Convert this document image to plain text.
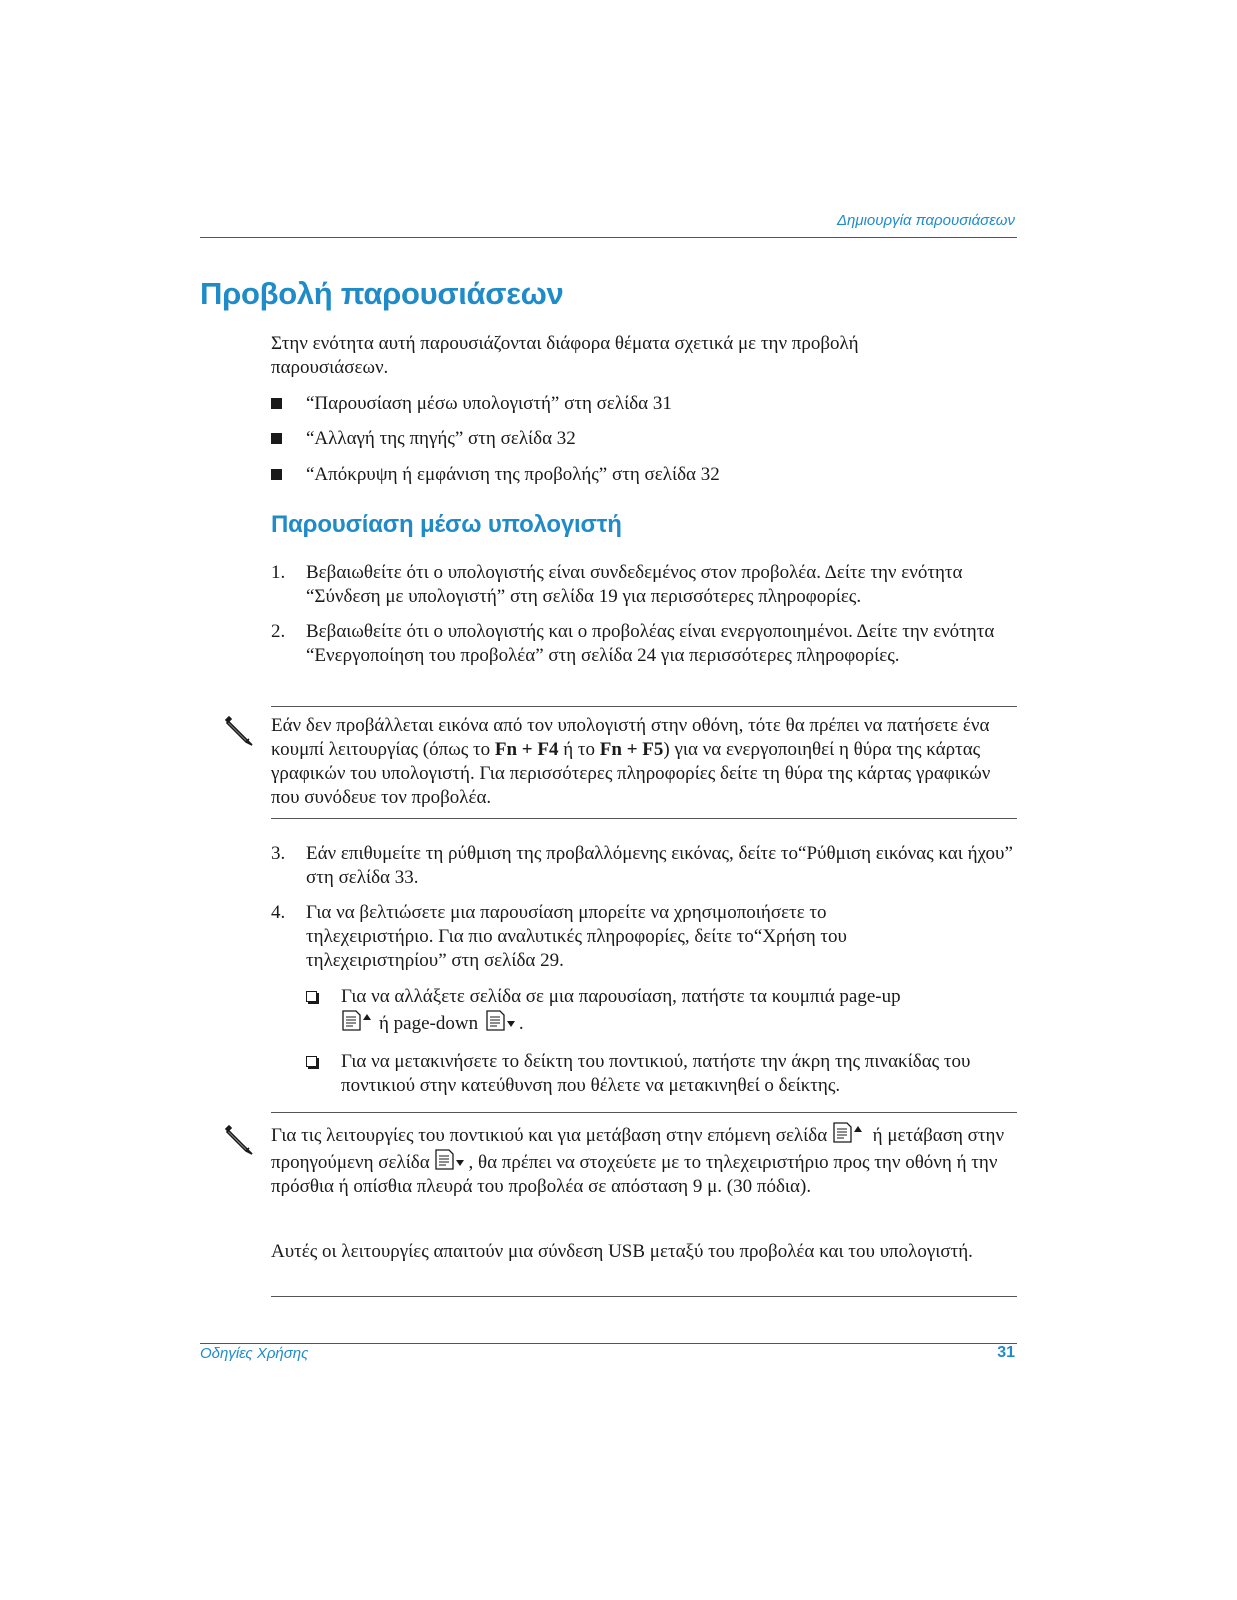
Δημιουργία παρουσιάσεων
Προβολή παρουσιάσεων

Στην ενότητα αυτή παρουσιάζονται διάφορα θέματα σχετικά με την προβολή παρουσιάσεων.

“Παρουσίαση μέσω υπολογιστή” στη σελίδα 31
“Αλλαγή της πηγής” στη σελίδα 32
“Απόκρυψη ή εμφάνιση της προβολής” στη σελίδα 32
Παρουσίαση μέσω υπολογιστή
1. Βεβαιωθείτε ότι ο υπολογιστής είναι συνδεδεμένος στον προβολέα. Δείτε την ενότητα “Σύνδεση με υπολογιστή” στη σελίδα 19 για περισσότερες πληροφορίες.
2. Βεβαιωθείτε ότι ο υπολογιστής και ο προβολέας είναι ενεργοποιημένοι. Δείτε την ενότητα “Ενεργοποίηση του προβολέα” στη σελίδα 24 για περισσότερες πληροφορίες.

Εάν δεν προβάλλεται εικόνα από τον υπολογιστή στην οθόνη, τότε θα πρέπει να πατήσετε ένα κουμπί λειτουργίας (όπως το Fn + F4 ή το Fn + F5) για να ενεργοποιηθεί η θύρα της κάρτας γραφικών του υπολογιστή. Για περισσότερες πληροφορίες δείτε τη θύρα της κάρτας γραφικών που συνόδευε τον προβολέα.

3. Εάν επιθυμείτε τη ρύθμιση της προβαλλόμενης εικόνας, δείτε το“Ρύθμιση εικόνας και ήχου” στη σελίδα 33.
4. Για να βελτιώσετε μια παρουσίαση μπορείτε να χρησιμοποιήσετε το τηλεχειριστήριο. Για πιο αναλυτικές πληροφορίες, δείτε το“Χρήση του τηλεχειριστηρίου” στη σελίδα 29.
Για να αλλάξετε σελίδα σε μια παρουσίαση, πατήστε τα κουμπιά page-up
ή page-down .
Για να μετακινήσετε το δείκτη του ποντικιού, πατήστε την άκρη της πινακίδας του ποντικιού στην κατεύθυνση που θέλετε να μετακινηθεί ο δείκτης.

Για τις λειτουργίες του ποντικιού και για μετάβαση στην επόμενη σελίδα ή μετάβαση στην προηγούμενη σελίδα , θα πρέπει να στοχεύετε με το τηλεχειριστήριο προς την οθόνη ή την πρόσθια ή οπίσθια πλευρά του προβολέα σε απόσταση 9 μ. (30 πόδια).

Αυτές οι λειτουργίες απαιτούν μια σύνδεση USB μεταξύ του προβολέα και του υπολογιστή.

Οδηγίες Χρήσης	31
